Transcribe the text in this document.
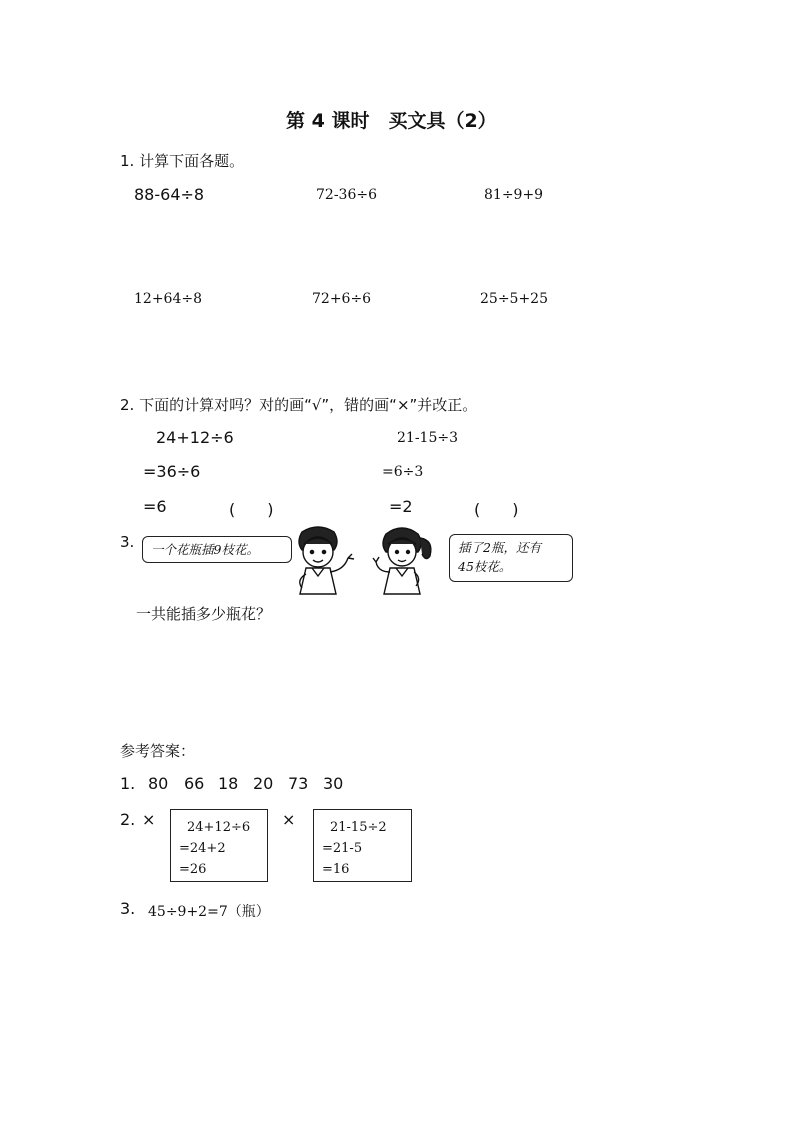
第 4 课时　买文具（2）
1. 计算下面各题。
88-64÷8	72-36÷6	81÷9+9
12+64÷8	72+6÷6	25÷5+25
2. 下面的计算对吗？对的画“√”，错的画“×”并改正。
24+12÷6
=36÷6
=6	(　　)
21-15÷3
=6÷3
=2	(　　)
3.	一个花瓶插9枝花。	插了2瓶，还有
45枝花。
一共能插多少瓶花？
参考答案：
1. 80 66 18 20 73 30
2. × 24+12÷6
=24+2
=26
×	21-15÷2
=21-5
=16
3. 45÷9+2=7（瓶）
